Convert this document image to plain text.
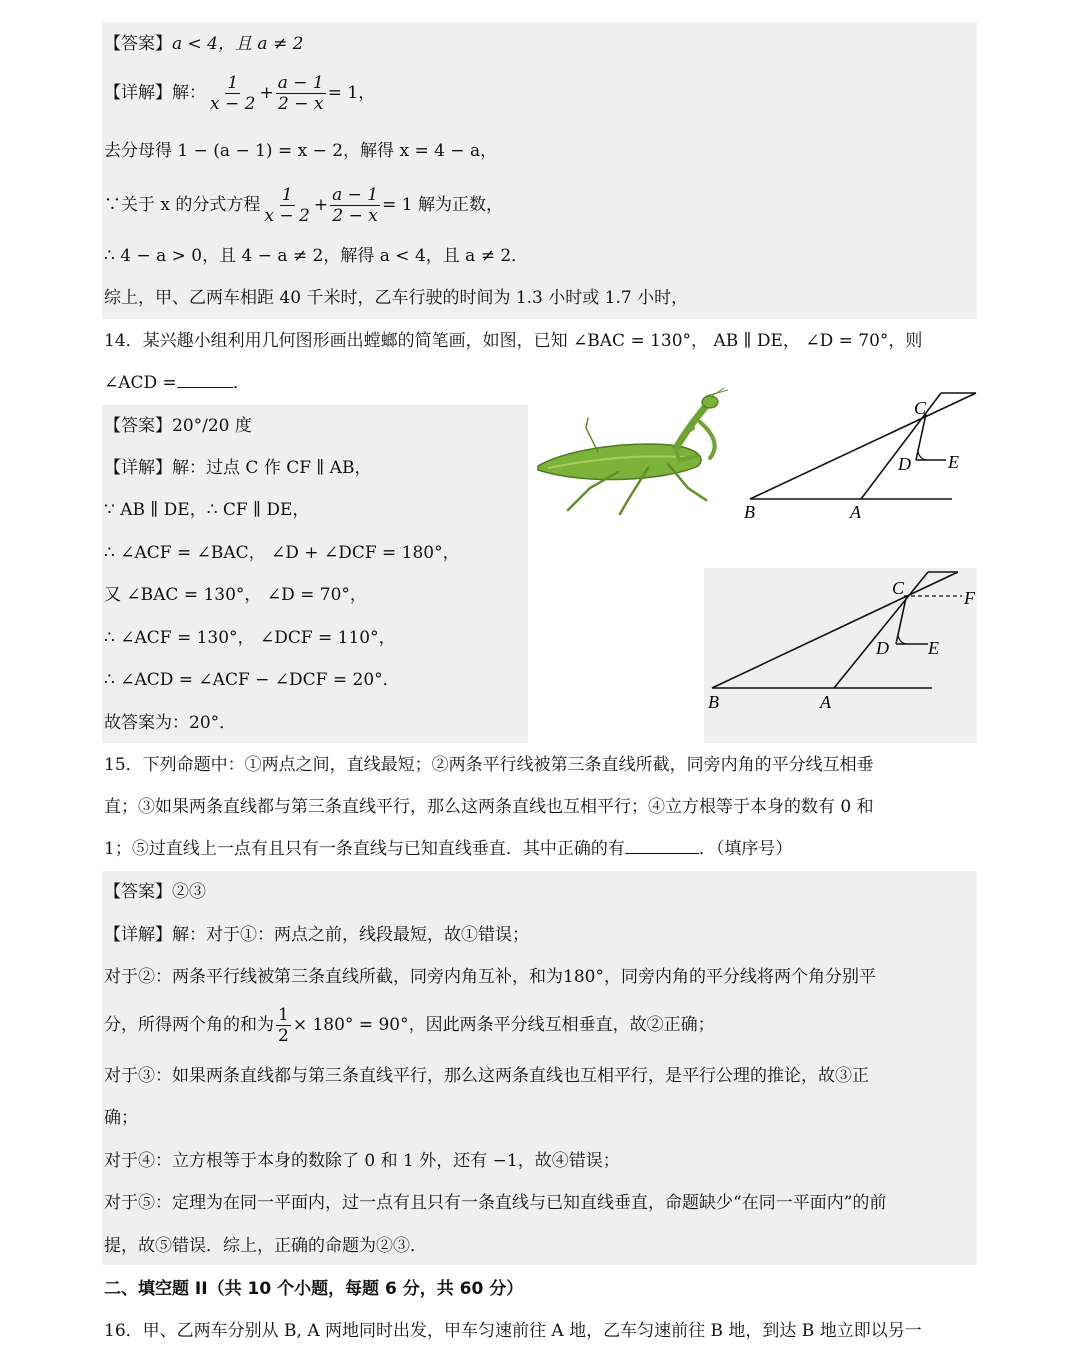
【答案】a < 4，且 a ≠ 2
【详解】 解： $\frac{1}{x - 2} + \frac{a - 1}{2 - x} = 1$，
去分母得 1 − (a − 1) = x − 2，解得 x = 4 − a，
∵关于 x 的分式方程 $\frac{1}{x - 2} + \frac{a - 1}{2 - x} = 1$ 解为正数，
∴ 4 − a > 0，且 4 − a ≠ 2，解得 a < 4，且 a ≠ 2．
综上，甲、乙两车相距 40 千米时，乙车行驶的时间为 1.3 小时或 1.7 小时，
14．某兴趣小组利用几何图形画出螳螂的简笔画，如图，已知 ∠BAC = 130°， AB ∥ DE， ∠D = 70°，则
∠ACD =	．
【答案】20°/20 度
【详解】解：过点 C 作 CF ∥ AB，
∵ AB ∥ DE，∴ CF ∥ DE，
∴ ∠ACF = ∠BAC， ∠D + ∠DCF = 180°，
又 ∠BAC = 130°， ∠D = 70°，
∴ ∠ACF = 130°， ∠DCF = 110°，
∴ ∠ACD = ∠ACF − ∠DCF = 20°．
故答案为：20°．
C
D E
B	A
C	F
D E
B	A
15．下列命题中：①两点之间，直线最短；②两条平行线被第三条直线所截，同旁内角的平分线互相垂
直；③如果两条直线都与第三条直线平行，那么这两条直线也互相平行；④立方根等于本身的数有 0 和
1；⑤过直线上一点有且只有一条直线与已知直线垂直．其中正确的有	．（填序号）
【答案】②③
【详解】解：对于①：两点之前，线段最短，故①错误；
对于②：两条平行线被第三条直线所截，同旁内角互补，和为180°，同旁内角的平分线将两个角分别平
分，所得两个角的和为 $\frac{1}{2} \times 180^\circ = 90^\circ$，因此两条平分线互相垂直，故②正确；
对于③：如果两条直线都与第三条直线平行，那么这两条直线也互相平行，是平行公理的推论，故③正
确；
对于④：立方根等于本身的数除了 0 和 1 外，还有 −1，故④错误；
对于⑤：定理为在同一平面内，过一点有且只有一条直线与已知直线垂直，命题缺少“在同一平面内”的前
提，故⑤错误．综上，正确的命题为②③．
二、填空题 II（共 10 个小题，每题 6 分，共 60 分）
16．甲、乙两车分别从 B, A 两地同时出发，甲车匀速前往 A 地，乙车匀速前往 B 地，到达 B 地立即以另一
